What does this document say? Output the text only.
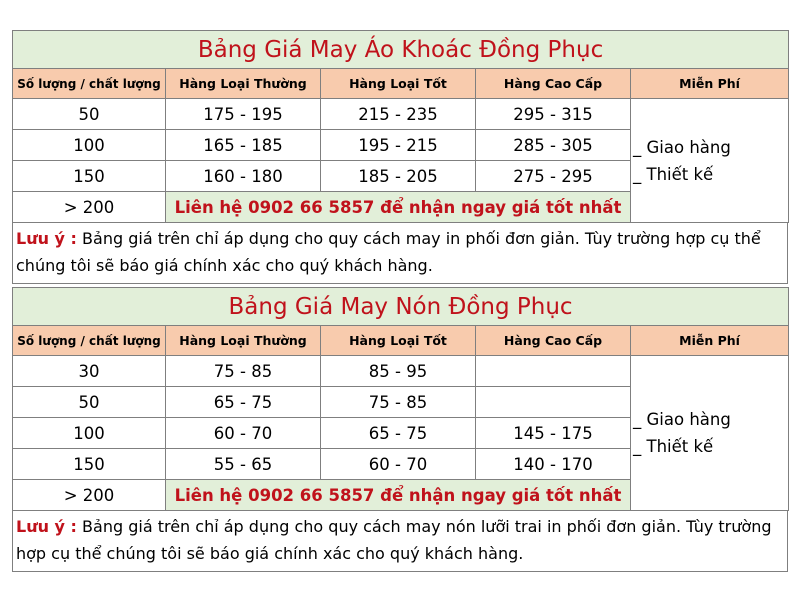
Bảng Giá May Áo Khoác Đồng Phục				
Số lượng / chất lượng	Hàng Loại Thường	Hàng Loại Tốt	Hàng Cao Cấp	Miễn Phí
50	175 - 195	215 - 235	295 - 315	_ Giao hàng
_ Thiết kế

100	165 - 185	195 - 215	285 - 305	
150	160 - 180	185 - 205	275 - 295	
> 200	Liên hệ 0902 66 5857 để nhận ngay giá tốt nhất			
Lưu ý : Bảng giá trên chỉ áp dụng cho quy cách may in phối đơn giản. Tùy trường hợp cụ thể chúng tôi sẽ báo giá chính xác cho quý khách hàng.
Bảng Giá May Nón Đồng Phục				
Số lượng / chất lượng	Hàng Loại Thường	Hàng Loại Tốt	Hàng Cao Cấp	Miễn Phí
30	75 - 85	85 - 95		_ Giao hàng
_ Thiết kế

50	65 - 75	75 - 85		
100	60 - 70	65 - 75	145 - 175	
150	55 - 65	60 - 70	140 - 170	
> 200	Liên hệ 0902 66 5857 để nhận ngay giá tốt nhất			
Lưu ý : Bảng giá trên chỉ áp dụng cho quy cách may nón lưỡi trai in phối đơn giản. Tùy trường hợp cụ thể chúng tôi sẽ báo giá chính xác cho quý khách hàng.
